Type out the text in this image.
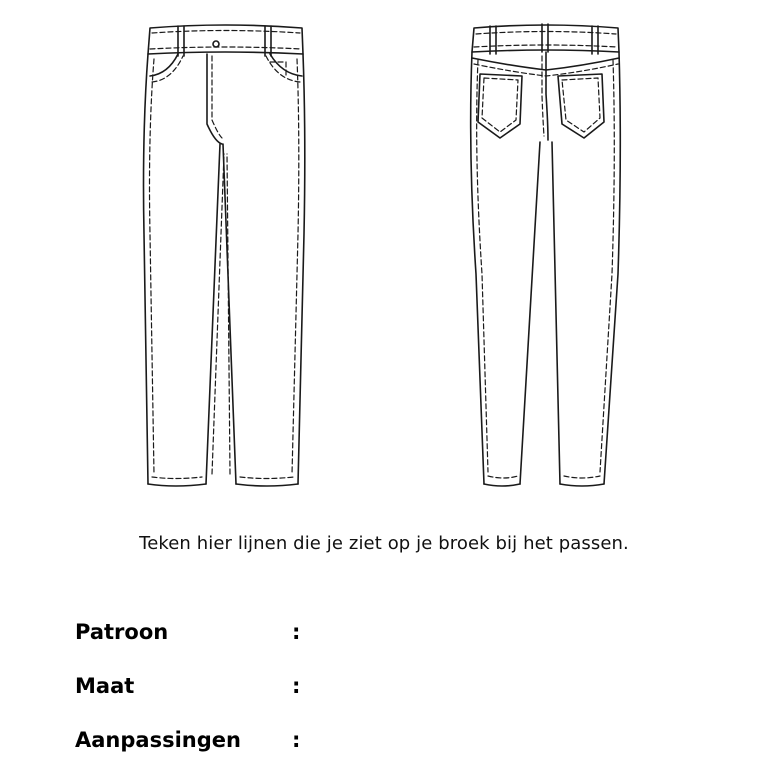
Teken hier lijnen die je ziet op je broek bij het passen.
Patroon	:
Maat	:
Aanpassingen :
